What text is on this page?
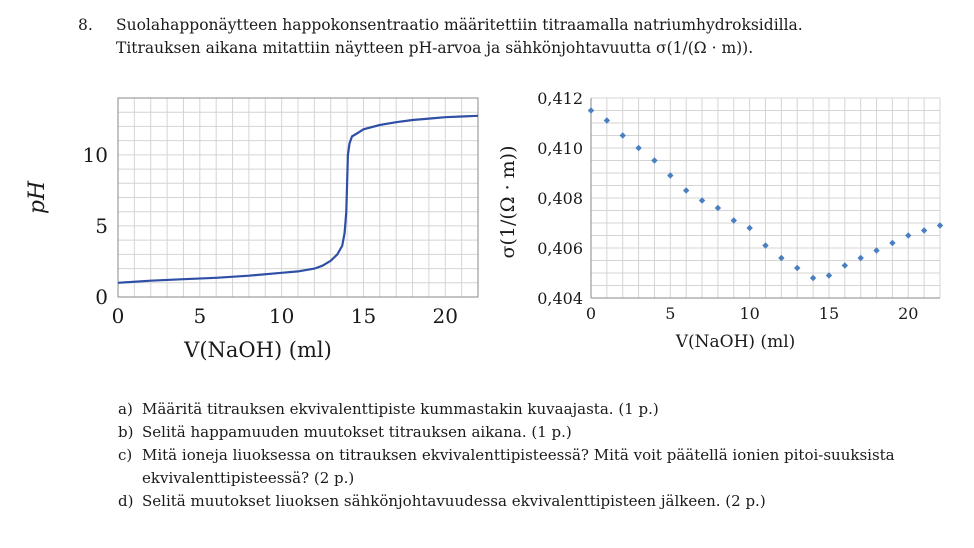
8. Suolahapponäytteen happokonsentraatio määritettiin titraamalla natriumhydroksidilla.
Titrauksen aikana mitattiin näytteen pH-arvoa ja sähkönjohtavuutta σ(1/(Ω · m)).
0	5	10	15	20
0
5
10
V(NaOH) (ml)
pH
0	5	10	15	20
0,404
0,406
0,408
0,410
0,412
V(NaOH) (ml)
σ(1/(Ω · m))
a) Määritä titrauksen ekvivalenttipiste kummastakin kuvaajasta. (1 p.)
b) Selitä happamuuden muutokset titrauksen aikana. (1 p.)
c) Mitä ioneja liuoksessa on titrauksen ekvivalenttipisteessä? Mitä voit päätellä ionien pitoi-suuksista ekvivalenttipisteessä? (2 p.)
d) Selitä muutokset liuoksen sähkönjohtavuudessa ekvivalenttipisteen jälkeen. (2 p.)
